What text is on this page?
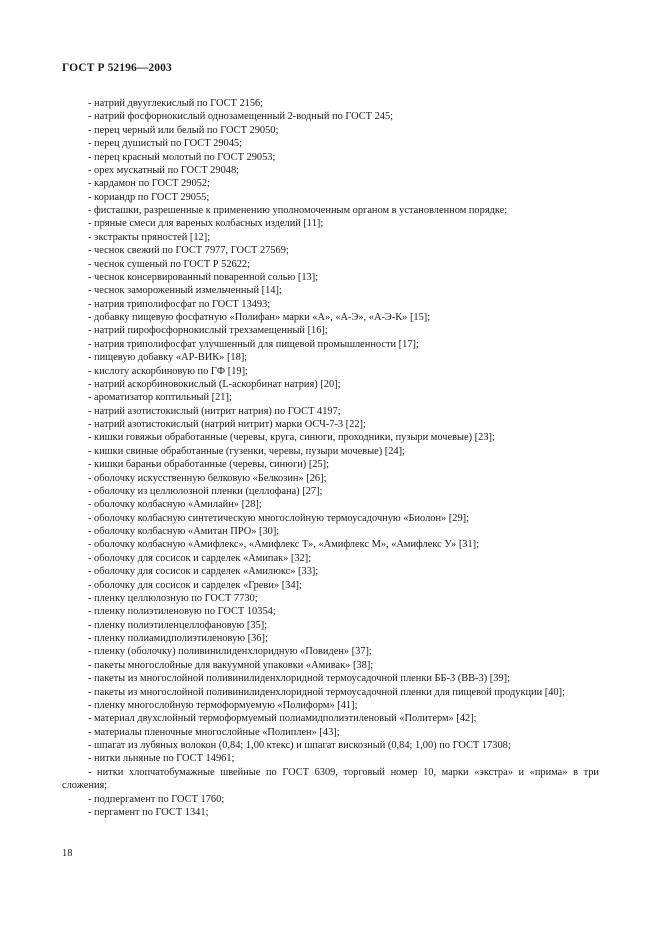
ГОСТ Р 52196—2003

- натрий двууглекислый по ГОСТ 2156;

- натрий фосфорнокислый однозамещенный 2-водный по ГОСТ 245;

- перец черный или белый по ГОСТ 29050;

- перец душистый по ГОСТ 29045;

- перец красный молотый по ГОСТ 29053;

- орех мускатный по ГОСТ 29048;

- кардамон по ГОСТ 29052;

- кориандр по ГОСТ 29055;

- фисташки, разрешенные к применению уполномоченным органом в установленном порядке;

- пряные смеси для вареных колбасных изделий [11];

- экстракты пряностей [12];

- чеснок свежий по ГОСТ 7977, ГОСТ 27569;

- чеснок сушеный по ГОСТ Р 52622;

- чеснок консервированный поваренной солью [13];

- чеснок замороженный измельченный [14];

- натрия триполифосфат по ГОСТ 13493;

- добавку пищевую фосфатную «Полифан» марки «А», «А-Э», «А-Э-К» [15];

- натрий пирофосфорнокислый трехзамещенный [16];

- натрия триполифосфат улучшенный для пищевой промышленности [17];

- пищевую добавку «АР-ВИК» [18];

- кислоту аскорбиновую по ГФ [19];

- натрий аскорбиновокислый (L-аскорбинат натрия) [20];

- ароматизатор коптильный [21];

- натрий азотистокислый (нитрит натрия) по ГОСТ 4197;

- натрий азотистокислый (натрий нитрит) марки ОСЧ-7-3 [22];

- кишки говяжьи обработанные (черевы, круга, синюги, проходники, пузыри мочевые) [23];

- кишки свиные обработанные (гузенки, черевы, пузыри мочевые) [24];

- кишки бараньи обработанные (черевы, синюги) [25];

- оболочку искусственную белковую «Белкозин» [26];

- оболочку из целлюлозной пленки (целлофана) [27];

- оболочку колбасную «Амилайн» [28];

- оболочку колбасную синтетическую многослойную термоусадочную «Биолон» [29];

- оболочку колбасную «Амитан ПРО» [30];

- оболочку колбасную «Амифлекс», «Амифлекс Т», «Амифлекс М», «Амифлекс У» [31];

- оболочку для сосисок и сарделек «Амипак» [32];

- оболочку для сосисок и сарделек «Амилюкс» [33];

- оболочку для сосисок и сарделек «Греви» [34];

- пленку целлюлозную по ГОСТ 7730;

- пленку полиэтиленовую по ГОСТ 10354;

- пленку полиэтиленцеллофановую [35];

- пленку полиамидполиэтиленовую [36];

- пленку (оболочку) поливинилиденхлоридную «Повиден» [37];

- пакеты многослойные для вакуумной упаковки «Амивак» [38];

- пакеты из многослойной поливинилиденхлоридной термоусадочной пленки ББ-3 (ВВ-3) [39];

- пакеты из многослойной поливинилиденхлоридной термоусадочной пленки для пищевой продукции [40];

- пленку многослойную термоформуемую «Полиформ» [41];

- материал двухслойный термоформуемый полиамидполиэтиленовый «Политерм» [42];

- материалы пленочные многослойные «Полиплен» [43];

- шпагат из лубяных волокон (0,84; 1,00 ктекс) и шпагат вискозный (0,84; 1,00) по ГОСТ 17308;

- нитки льняные по ГОСТ 14961;

- нитки хлопчатобумажные швейные по ГОСТ 6309, торговый номер 10, марки «экстра» и «прима» в три сложения;

- подпергамент по ГОСТ 1760;

- пергамент по ГОСТ 1341;

18
